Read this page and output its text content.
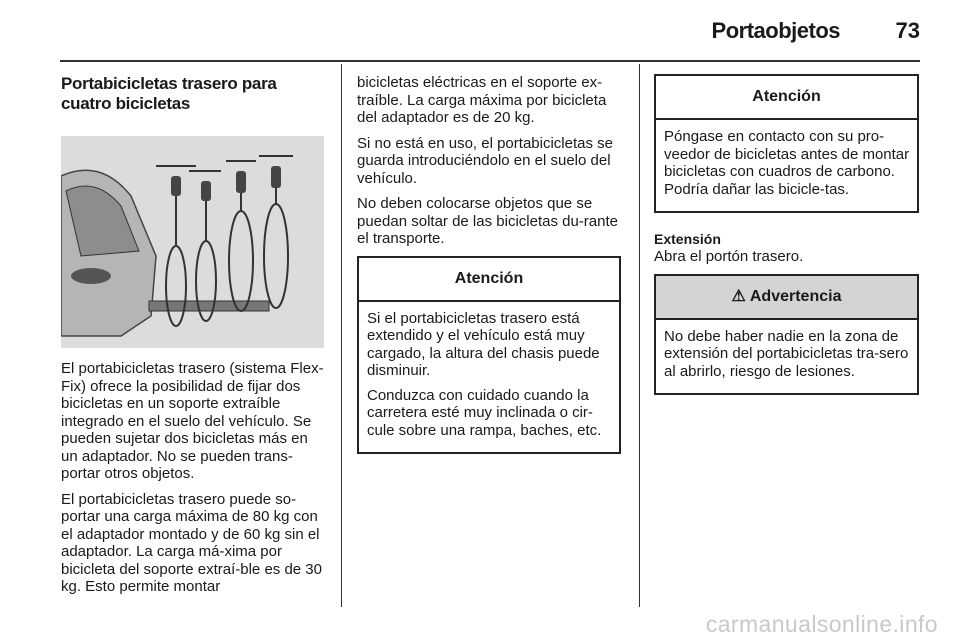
Portaobjetos	73
Portabicicletas trasero para
cuatro bicicletas

El portabicicletas trasero (sistema Flex-Fix) ofrece la posibilidad de fijar dos bicicletas en un soporte extraíble integrado en el suelo del vehículo. Se pueden sujetar dos bicicletas más en un adaptador. No se pueden trans-portar otros objetos.

El portabicicletas trasero puede so-portar una carga máxima de 80 kg con el adaptador montado y de 60 kg sin el adaptador. La carga má-xima por bicicleta del soporte extraí-ble es de 30 kg. Esto permite montar

bicicletas eléctricas en el soporte ex-traíble. La carga máxima por bicicleta del adaptador es de 20 kg.

Si no está en uso, el portabicicletas se guarda introduciéndolo en el suelo del vehículo.

No deben colocarse objetos que se puedan soltar de las bicicletas du-rante el transporte.

Atención

Si el portabicicletas trasero está extendido y el vehículo está muy cargado, la altura del chasis puede disminuir.

Conduzca con cuidado cuando la carretera esté muy inclinada o cir-cule sobre una rampa, baches, etc.

Atención

Póngase en contacto con su pro-veedor de bicicletas antes de montar bicicletas con cuadros de carbono. Podría dañar las bicicle-tas.

Extensión

Abra el portón trasero.

⚠ Advertencia

No debe haber nadie en la zona de extensión del portabicicletas tra-sero al abrirlo, riesgo de lesiones.

carmanualsonline.info
